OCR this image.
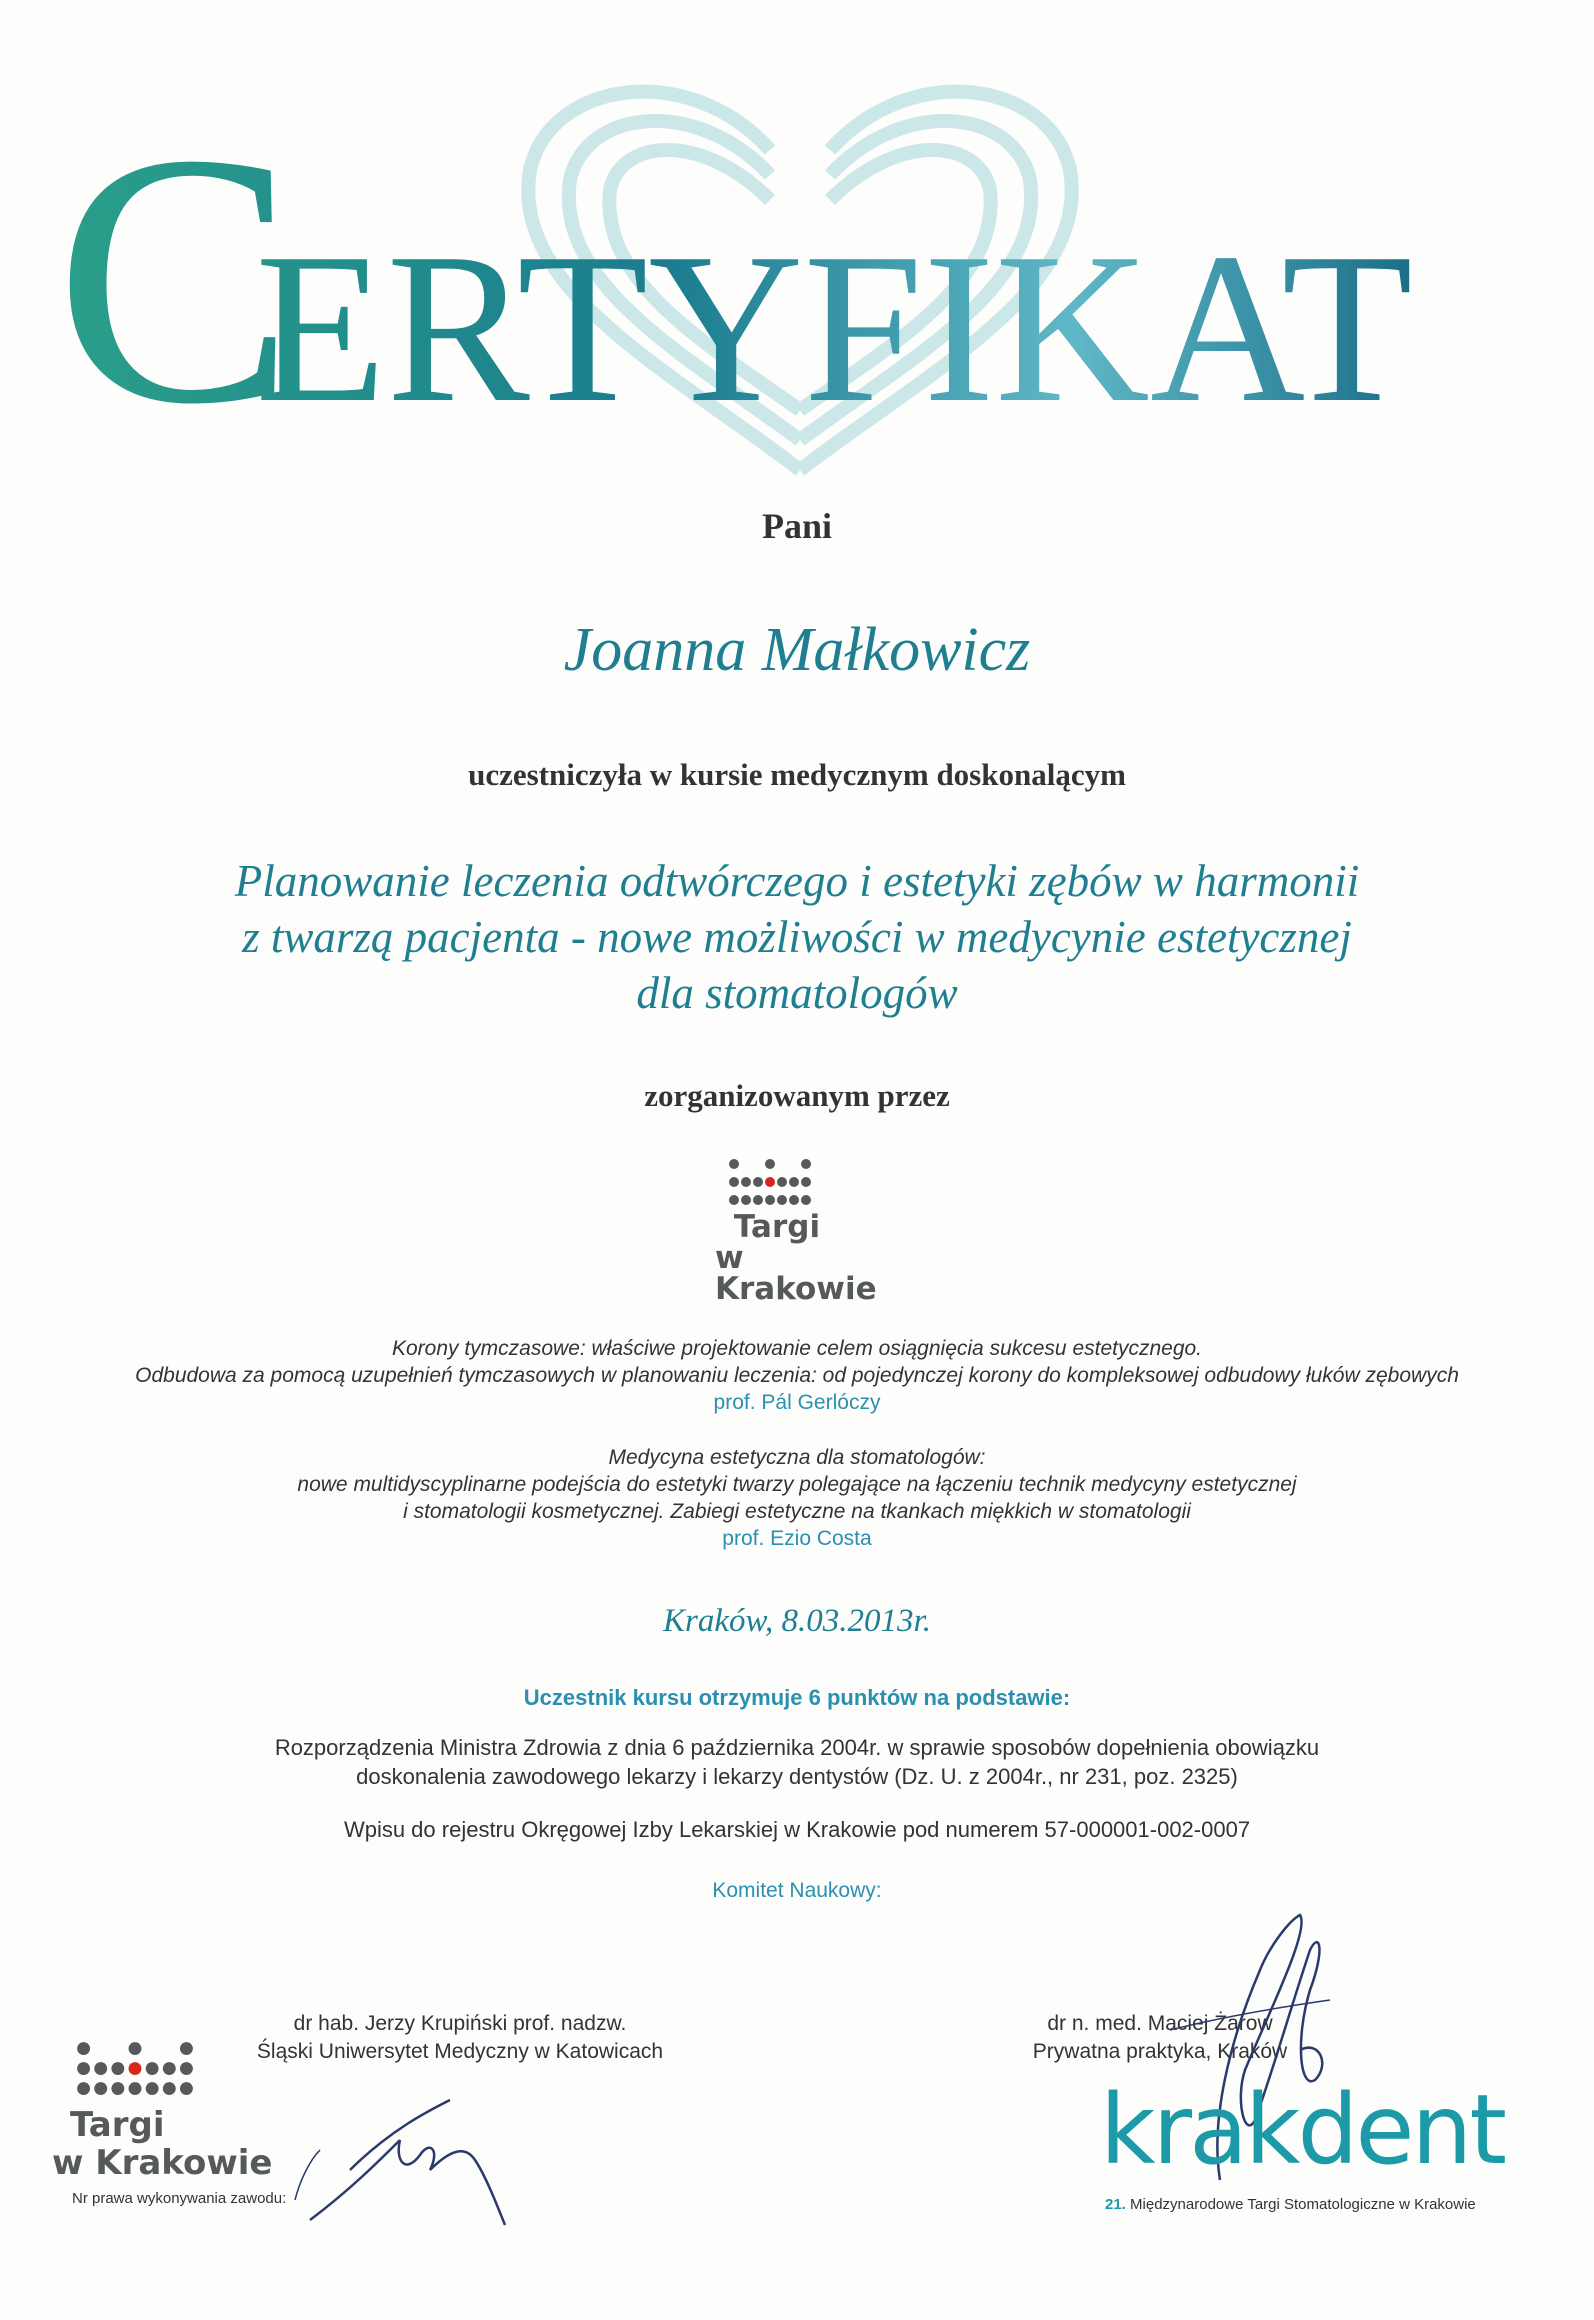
CERTYFIKAT
Pani
Joanna Małkowicz
uczestniczyła w kursie medycznym doskonalącym
Planowanie leczenia odtwórczego i estetyki zębów w harmonii
z twarzą pacjenta - nowe możliwości w medycynie estetycznej
dla stomatologów
zorganizowanym przez
Targi
w Krakowie
Korony tymczasowe: właściwe projektowanie celem osiągnięcia sukcesu estetycznego.
Odbudowa za pomocą uzupełnień tymczasowych w planowaniu leczenia: od pojedynczej korony do kompleksowej odbudowy łuków zębowych
prof. Pál Gerlóczy
Medycyna estetyczna dla stomatologów:
nowe multidyscyplinarne podejścia do estetyki twarzy polegające na łączeniu technik medycyny estetycznej
i stomatologii kosmetycznej. Zabiegi estetyczne na tkankach miękkich w stomatologii
prof. Ezio Costa
Kraków, 8.03.2013r.
Uczestnik kursu otrzymuje 6 punktów na podstawie:
Rozporządzenia Ministra Zdrowia z dnia 6 października 2004r. w sprawie sposobów dopełnienia obowiązku
doskonalenia zawodowego lekarzy i lekarzy dentystów (Dz. U. z 2004r., nr 231, poz. 2325)
Wpisu do rejestru Okręgowej Izby Lekarskiej w Krakowie pod numerem 57-000001-002-0007
Komitet Naukowy:
dr hab. Jerzy Krupiński prof. nadzw.
Śląski Uniwersytet Medyczny w Katowicach
dr n. med. Maciej Żarow
Prywatna praktyka, Kraków
Targi
w Krakowie
Nr prawa wykonywania zawodu:
krakdent
21. Międzynarodowe Targi Stomatologiczne w Krakowie
